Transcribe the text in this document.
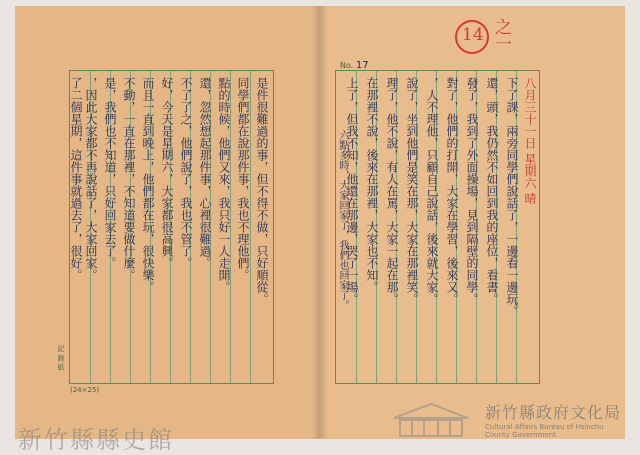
No. 17
八月三十一日 星期六 晴
下了課，兩旁同學們說話了，一邊看一邊玩。
還，頭，我仍然不如回到我的座位，看書。
發了，我到了外面操場，見到隔壁的同學。
對了，他們的打開，大家在學習，後來又。
，人不理他，只顧自己說話，後來就大家。
說了，坐到他們是笑在那，大家在那裡笑。
理了，他不說，有人在罵，大家一起在那。
在那裡不說，後來在那裡，大家也不知。
上了，但我不知，他還在那邊，哭了一場。
六點多時，大家回家了，我們也回家了。
是件很難過的事，但不得不做，只好順從。
同學們都在說那件事，我也不理他們。
點的時候，他們又來，我只好一人走開。
還，忽然想起那件事，心裡很難過。
不了了之，他們說了，我也不管了。
好，今天是星期六，大家都很高興。
而且一直到晚上，他們都在玩，很快樂。
不動，一直在那裡，不知道要做什麼。
是，我們也不知道，只好回家去了。
，因此大家都不再說話了，大家回家。
了二個星期，這件事就過去了，很好。
記 錄 紙
(24×25)
14 之一
新竹縣縣史館
新竹縣政府文化局
Cultural Affairs Bureau of Hsinchu
County Government
